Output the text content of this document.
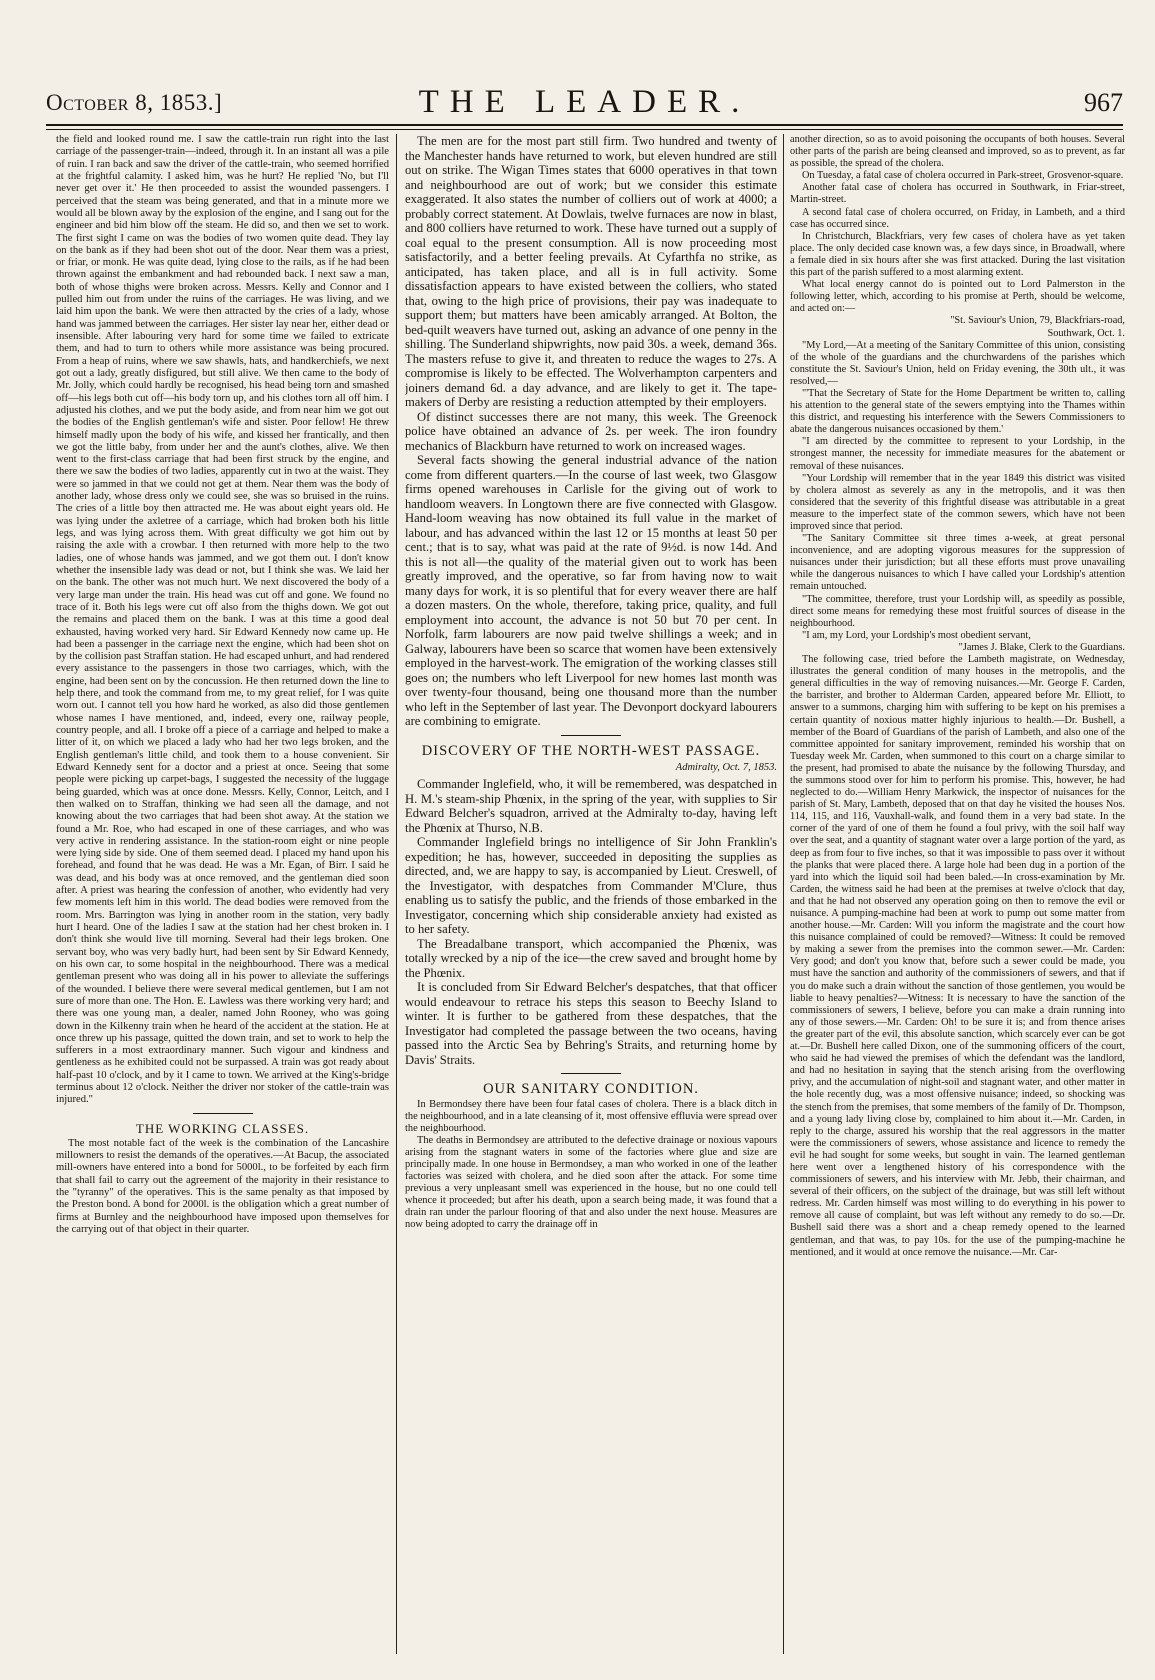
October 8, 1853.]	THE LEADER.	967

the field and looked round me. I saw the cattle-train run right into the last carriage of the passenger-train—indeed, through it. In an instant all was a pile of ruin. I ran back and saw the driver of the cattle-train, who seemed horrified at the frightful calamity. I asked him, was he hurt? He replied 'No, but I'll never get over it.' He then proceeded to assist the wounded passengers. I perceived that the steam was being generated, and that in a minute more we would all be blown away by the explosion of the engine, and I sang out for the engineer and bid him blow off the steam. He did so, and then we set to work. The first sight I came on was the bodies of two women quite dead. They lay on the bank as if they had been shot out of the door. Near them was a priest, or friar, or monk. He was quite dead, lying close to the rails, as if he had been thrown against the embankment and had rebounded back. I next saw a man, both of whose thighs were broken across. Messrs. Kelly and Connor and I pulled him out from under the ruins of the carriages. He was living, and we laid him upon the bank. We were then attracted by the cries of a lady, whose hand was jammed between the carriages. Her sister lay near her, either dead or insensible. After labouring very hard for some time we failed to extricate them, and had to turn to others while more assistance was being procured. From a heap of ruins, where we saw shawls, hats, and handkerchiefs, we next got out a lady, greatly disfigured, but still alive. We then came to the body of Mr. Jolly, which could hardly be recognised, his head being torn and smashed off—his legs both cut off—his body torn up, and his clothes torn all off him. I adjusted his clothes, and we put the body aside, and from near him we got out the bodies of the English gentleman's wife and sister. Poor fellow! He threw himself madly upon the body of his wife, and kissed her frantically, and then we got the little baby, from under her and the aunt's clothes, alive. We then went to the first-class carriage that had been first struck by the engine, and there we saw the bodies of two ladies, apparently cut in two at the waist. They were so jammed in that we could not get at them. Near them was the body of another lady, whose dress only we could see, she was so bruised in the ruins. The cries of a little boy then attracted me. He was about eight years old. He was lying under the axletree of a carriage, which had broken both his little legs, and was lying across them. With great difficulty we got him out by raising the axle with a crowbar. I then returned with more help to the two ladies, one of whose hands was jammed, and we got them out. I don't know whether the insensible lady was dead or not, but I think she was. We laid her on the bank. The other was not much hurt. We next discovered the body of a very large man under the train. His head was cut off and gone. We found no trace of it. Both his legs were cut off also from the thighs down. We got out the remains and placed them on the bank. I was at this time a good deal exhausted, having worked very hard. Sir Edward Kennedy now came up. He had been a passenger in the carriage next the engine, which had been shot on by the collision past Straffan station. He had escaped unhurt, and had rendered every assistance to the passengers in those two carriages, which, with the engine, had been sent on by the concussion. He then returned down the line to help there, and took the command from me, to my great relief, for I was quite worn out. I cannot tell you how hard he worked, as also did those gentlemen whose names I have mentioned, and, indeed, every one, railway people, country people, and all. I broke off a piece of a carriage and helped to make a litter of it, on which we placed a lady who had her two legs broken, and the English gentleman's little child, and took them to a house convenient. Sir Edward Kennedy sent for a doctor and a priest at once. Seeing that some people were picking up carpet-bags, I suggested the necessity of the luggage being guarded, which was at once done. Messrs. Kelly, Connor, Leitch, and I then walked on to Straffan, thinking we had seen all the damage, and not knowing about the two carriages that had been shot away. At the station we found a Mr. Roe, who had escaped in one of these carriages, and who was very active in rendering assistance. In the station-room eight or nine people were lying side by side. One of them seemed dead. I placed my hand upon his forehead, and found that he was dead. He was a Mr. Egan, of Birr. I said he was dead, and his body was at once removed, and the gentleman died soon after. A priest was hearing the confession of another, who evidently had very few moments left him in this world. The dead bodies were removed from the room. Mrs. Barrington was lying in another room in the station, very badly hurt I heard. One of the ladies I saw at the station had her chest broken in. I don't think she would live till morning. Several had their legs broken. One servant boy, who was very badly hurt, had been sent by Sir Edward Kennedy, on his own car, to some hospital in the neighbourhood. There was a medical gentleman present who was doing all in his power to alleviate the sufferings of the wounded. I believe there were several medical gentlemen, but I am not sure of more than one. The Hon. E. Lawless was there working very hard; and there was one young man, a dealer, named John Rooney, who was going down in the Kilkenny train when he heard of the accident at the station. He at once threw up his passage, quitted the down train, and set to work to help the sufferers in a most extraordinary manner. Such vigour and kindness and gentleness as he exhibited could not be surpassed. A train was got ready about half-past 10 o'clock, and by it I came to town. We arrived at the King's-bridge terminus about 12 o'clock. Neither the driver nor stoker of the cattle-train was injured."

THE WORKING CLASSES.

The most notable fact of the week is the combination of the Lancashire millowners to resist the demands of the operatives.—At Bacup, the associated mill-owners have entered into a bond for 5000l., to be forfeited by each firm that shall fail to carry out the agreement of the majority in their resistance to the "tyranny" of the operatives. This is the same penalty as that imposed by the Preston bond. A bond for 2000l. is the obligation which a great number of firms at Burnley and the neighbourhood have imposed upon themselves for the carrying out of that object in their quarter.

The men are for the most part still firm. Two hundred and twenty of the Manchester hands have returned to work, but eleven hundred are still out on strike. The Wigan Times states that 6000 operatives in that town and neighbourhood are out of work; but we consider this estimate exaggerated. It also states the number of colliers out of work at 4000; a probably correct statement. At Dowlais, twelve furnaces are now in blast, and 800 colliers have returned to work. These have turned out a supply of coal equal to the present consumption. All is now proceeding most satisfactorily, and a better feeling prevails. At Cyfarthfa no strike, as anticipated, has taken place, and all is in full activity. Some dissatisfaction appears to have existed between the colliers, who stated that, owing to the high price of provisions, their pay was inadequate to support them; but matters have been amicably arranged. At Bolton, the bed-quilt weavers have turned out, asking an advance of one penny in the shilling. The Sunderland shipwrights, now paid 30s. a week, demand 36s. The masters refuse to give it, and threaten to reduce the wages to 27s. A compromise is likely to be effected. The Wolverhampton carpenters and joiners demand 6d. a day advance, and are likely to get it. The tape-makers of Derby are resisting a reduction attempted by their employers.

Of distinct successes there are not many, this week. The Greenock police have obtained an advance of 2s. per week. The iron foundry mechanics of Blackburn have returned to work on increased wages.

Several facts showing the general industrial advance of the nation come from different quarters.—In the course of last week, two Glasgow firms opened warehouses in Carlisle for the giving out of work to handloom weavers. In Longtown there are five connected with Glasgow. Hand-loom weaving has now obtained its full value in the market of labour, and has advanced within the last 12 or 15 months at least 50 per cent.; that is to say, what was paid at the rate of 9½d. is now 14d. And this is not all—the quality of the material given out to work has been greatly improved, and the operative, so far from having now to wait many days for work, it is so plentiful that for every weaver there are half a dozen masters. On the whole, therefore, taking price, quality, and full employment into account, the advance is not 50 but 70 per cent. In Norfolk, farm labourers are now paid twelve shillings a week; and in Galway, labourers have been so scarce that women have been extensively employed in the harvest-work. The emigration of the working classes still goes on; the numbers who left Liverpool for new homes last month was over twenty-four thousand, being one thousand more than the number who left in the September of last year. The Devonport dockyard labourers are combining to emigrate.

DISCOVERY OF THE NORTH-WEST PASSAGE.
Admiralty, Oct. 7, 1853.

Commander Inglefield, who, it will be remembered, was despatched in H. M.'s steam-ship Phœnix, in the spring of the year, with supplies to Sir Edward Belcher's squadron, arrived at the Admiralty to-day, having left the Phœnix at Thurso, N.B.

Commander Inglefield brings no intelligence of Sir John Franklin's expedition; he has, however, succeeded in depositing the supplies as directed, and, we are happy to say, is accompanied by Lieut. Creswell, of the Investigator, with despatches from Commander M'Clure, thus enabling us to satisfy the public, and the friends of those embarked in the Investigator, concerning which ship considerable anxiety had existed as to her safety.

The Breadalbane transport, which accompanied the Phœnix, was totally wrecked by a nip of the ice—the crew saved and brought home by the Phœnix.

It is concluded from Sir Edward Belcher's despatches, that that officer would endeavour to retrace his steps this season to Beechy Island to winter. It is further to be gathered from these despatches, that the Investigator had completed the passage between the two oceans, having passed into the Arctic Sea by Behring's Straits, and returning home by Davis' Straits.

OUR SANITARY CONDITION.

In Bermondsey there have been four fatal cases of cholera. There is a black ditch in the neighbourhood, and in a late cleansing of it, most offensive effluvia were spread over the neighbourhood.

The deaths in Bermondsey are attributed to the defective drainage or noxious vapours arising from the stagnant waters in some of the factories where glue and size are principally made. In one house in Bermondsey, a man who worked in one of the leather factories was seized with cholera, and he died soon after the attack. For some time previous a very unpleasant smell was experienced in the house, but no one could tell whence it proceeded; but after his death, upon a search being made, it was found that a drain ran under the parlour flooring of that and also under the next house. Measures are now being adopted to carry the drainage off in

another direction, so as to avoid poisoning the occupants of both houses. Several other parts of the parish are being cleansed and improved, so as to prevent, as far as possible, the spread of the cholera.

On Tuesday, a fatal case of cholera occurred in Park-street, Grosvenor-square.

Another fatal case of cholera has occurred in Southwark, in Friar-street, Martin-street.

A second fatal case of cholera occurred, on Friday, in Lambeth, and a third case has occurred since.

In Christchurch, Blackfriars, very few cases of cholera have as yet taken place. The only decided case known was, a few days since, in Broadwall, where a female died in six hours after she was first attacked. During the last visitation this part of the parish suffered to a most alarming extent.

What local energy cannot do is pointed out to Lord Palmerston in the following letter, which, according to his promise at Perth, should be welcome, and acted on:—

"St. Saviour's Union, 79, Blackfriars-road,

Southwark, Oct. 1.

"My Lord,—At a meeting of the Sanitary Committee of this union, consisting of the whole of the guardians and the churchwardens of the parishes which constitute the St. Saviour's Union, held on Friday evening, the 30th ult., it was resolved,—

"'That the Secretary of State for the Home Department be written to, calling his attention to the general state of the sewers emptying into the Thames within this district, and requesting his interference with the Sewers Commissioners to abate the dangerous nuisances occasioned by them.'

"I am directed by the committee to represent to your Lordship, in the strongest manner, the necessity for immediate measures for the abatement or removal of these nuisances.

"Your Lordship will remember that in the year 1849 this district was visited by cholera almost as severely as any in the metropolis, and it was then considered that the severity of this frightful disease was attributable in a great measure to the imperfect state of the common sewers, which have not been improved since that period.

"The Sanitary Committee sit three times a-week, at great personal inconvenience, and are adopting vigorous measures for the suppression of nuisances under their jurisdiction; but all these efforts must prove unavailing while the dangerous nuisances to which I have called your Lordship's attention remain untouched.

"The committee, therefore, trust your Lordship will, as speedily as possible, direct some means for remedying these most fruitful sources of disease in the neighbourhood.

"I am, my Lord, your Lordship's most obedient servant,

"James J. Blake, Clerk to the Guardians.

The following case, tried before the Lambeth magistrate, on Wednesday, illustrates the general condition of many houses in the metropolis, and the general difficulties in the way of removing nuisances.—Mr. George F. Carden, the barrister, and brother to Alderman Carden, appeared before Mr. Elliott, to answer to a summons, charging him with suffering to be kept on his premises a certain quantity of noxious matter highly injurious to health.—Dr. Bushell, a member of the Board of Guardians of the parish of Lambeth, and also one of the committee appointed for sanitary improvement, reminded his worship that on Tuesday week Mr. Carden, when summoned to this court on a charge similar to the present, had promised to abate the nuisance by the following Thursday, and the summons stood over for him to perform his promise. This, however, he had neglected to do.—William Henry Markwick, the inspector of nuisances for the parish of St. Mary, Lambeth, deposed that on that day he visited the houses Nos. 114, 115, and 116, Vauxhall-walk, and found them in a very bad state. In the corner of the yard of one of them he found a foul privy, with the soil half way over the seat, and a quantity of stagnant water over a large portion of the yard, as deep as from four to five inches, so that it was impossible to pass over it without the planks that were placed there. A large hole had been dug in a portion of the yard into which the liquid soil had been baled.—In cross-examination by Mr. Carden, the witness said he had been at the premises at twelve o'clock that day, and that he had not observed any operation going on then to remove the evil or nuisance. A pumping-machine had been at work to pump out some matter from another house.—Mr. Carden: Will you inform the magistrate and the court how this nuisance complained of could be removed?—Witness: It could be removed by making a sewer from the premises into the common sewer.—Mr. Carden: Very good; and don't you know that, before such a sewer could be made, you must have the sanction and authority of the commissioners of sewers, and that if you do make such a drain without the sanction of those gentlemen, you would be liable to heavy penalties?—Witness: It is necessary to have the sanction of the commissioners of sewers, I believe, before you can make a drain running into any of those sewers.—Mr. Carden: Oh! to be sure it is; and from thence arises the greater part of the evil, this absolute sanction, which scarcely ever can be got at.—Dr. Bushell here called Dixon, one of the summoning officers of the court, who said he had viewed the premises of which the defendant was the landlord, and had no hesitation in saying that the stench arising from the overflowing privy, and the accumulation of night-soil and stagnant water, and other matter in the hole recently dug, was a most offensive nuisance; indeed, so shocking was the stench from the premises, that some members of the family of Dr. Thompson, and a young lady living close by, complained to him about it.—Mr. Carden, in reply to the charge, assured his worship that the real aggressors in the matter were the commissioners of sewers, whose assistance and licence to remedy the evil he had sought for some weeks, but sought in vain. The learned gentleman here went over a lengthened history of his correspondence with the commissioners of sewers, and his interview with Mr. Jebb, their chairman, and several of their officers, on the subject of the drainage, but was still left without redress. Mr. Carden himself was most willing to do everything in his power to remove all cause of complaint, but was left without any remedy to do so.—Dr. Bushell said there was a short and a cheap remedy opened to the learned gentleman, and that was, to pay 10s. for the use of the pumping-machine he mentioned, and it would at once remove the nuisance.—Mr. Car-
